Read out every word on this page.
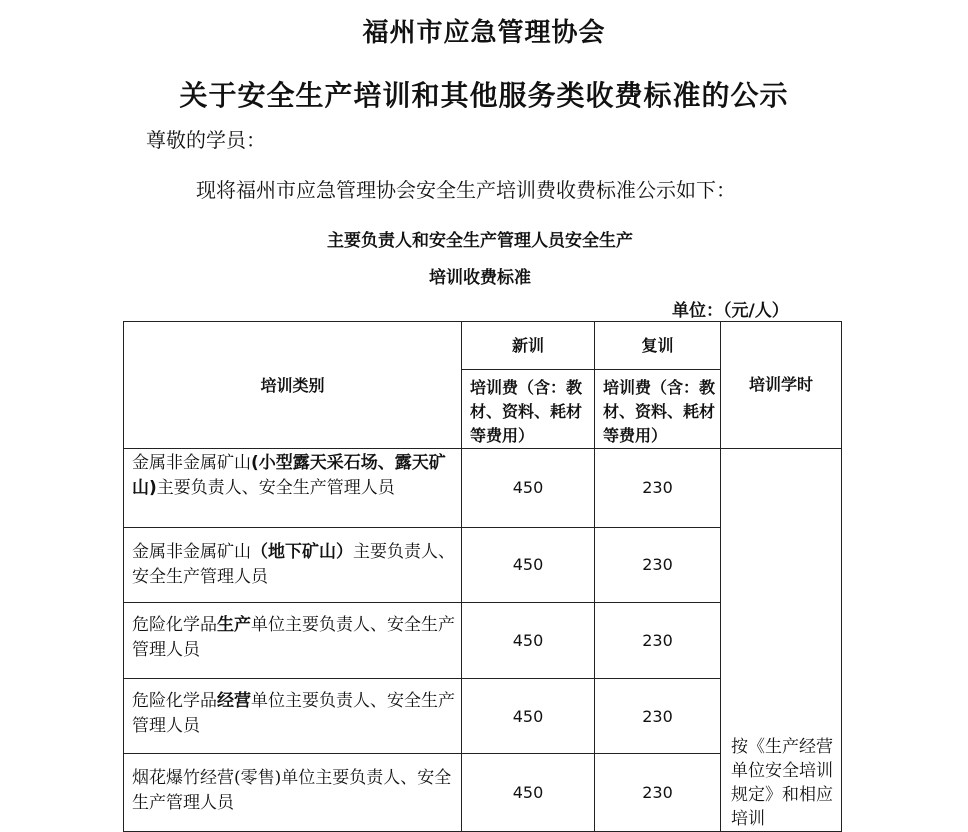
福州市应急管理协会
关于安全生产培训和其他服务类收费标准的公示
尊敬的学员：
现将福州市应急管理协会安全生产培训费收费标准公示如下：
主要负责人和安全生产管理人员安全生产
培训收费标准
单位：（元/人）
培训类别	新训	复训	培训学时
	培训费（含：教材、资料、耗材等费用）	培训费（含：教材、资料、耗材等费用）	
金属非金属矿山(小型露天采石场、露天矿山)主要负责人、安全生产管理人员	450	230	按《生产经营单位安全培训规定》和相应培训
金属非金属矿山（地下矿山）主要负责人、安全生产管理人员	450	230	
危险化学品生产单位主要负责人、安全生产管理人员	450	230	
危险化学品经营单位主要负责人、安全生产管理人员	450	230	
烟花爆竹经营(零售)单位主要负责人、安全生产管理人员	450	230	
